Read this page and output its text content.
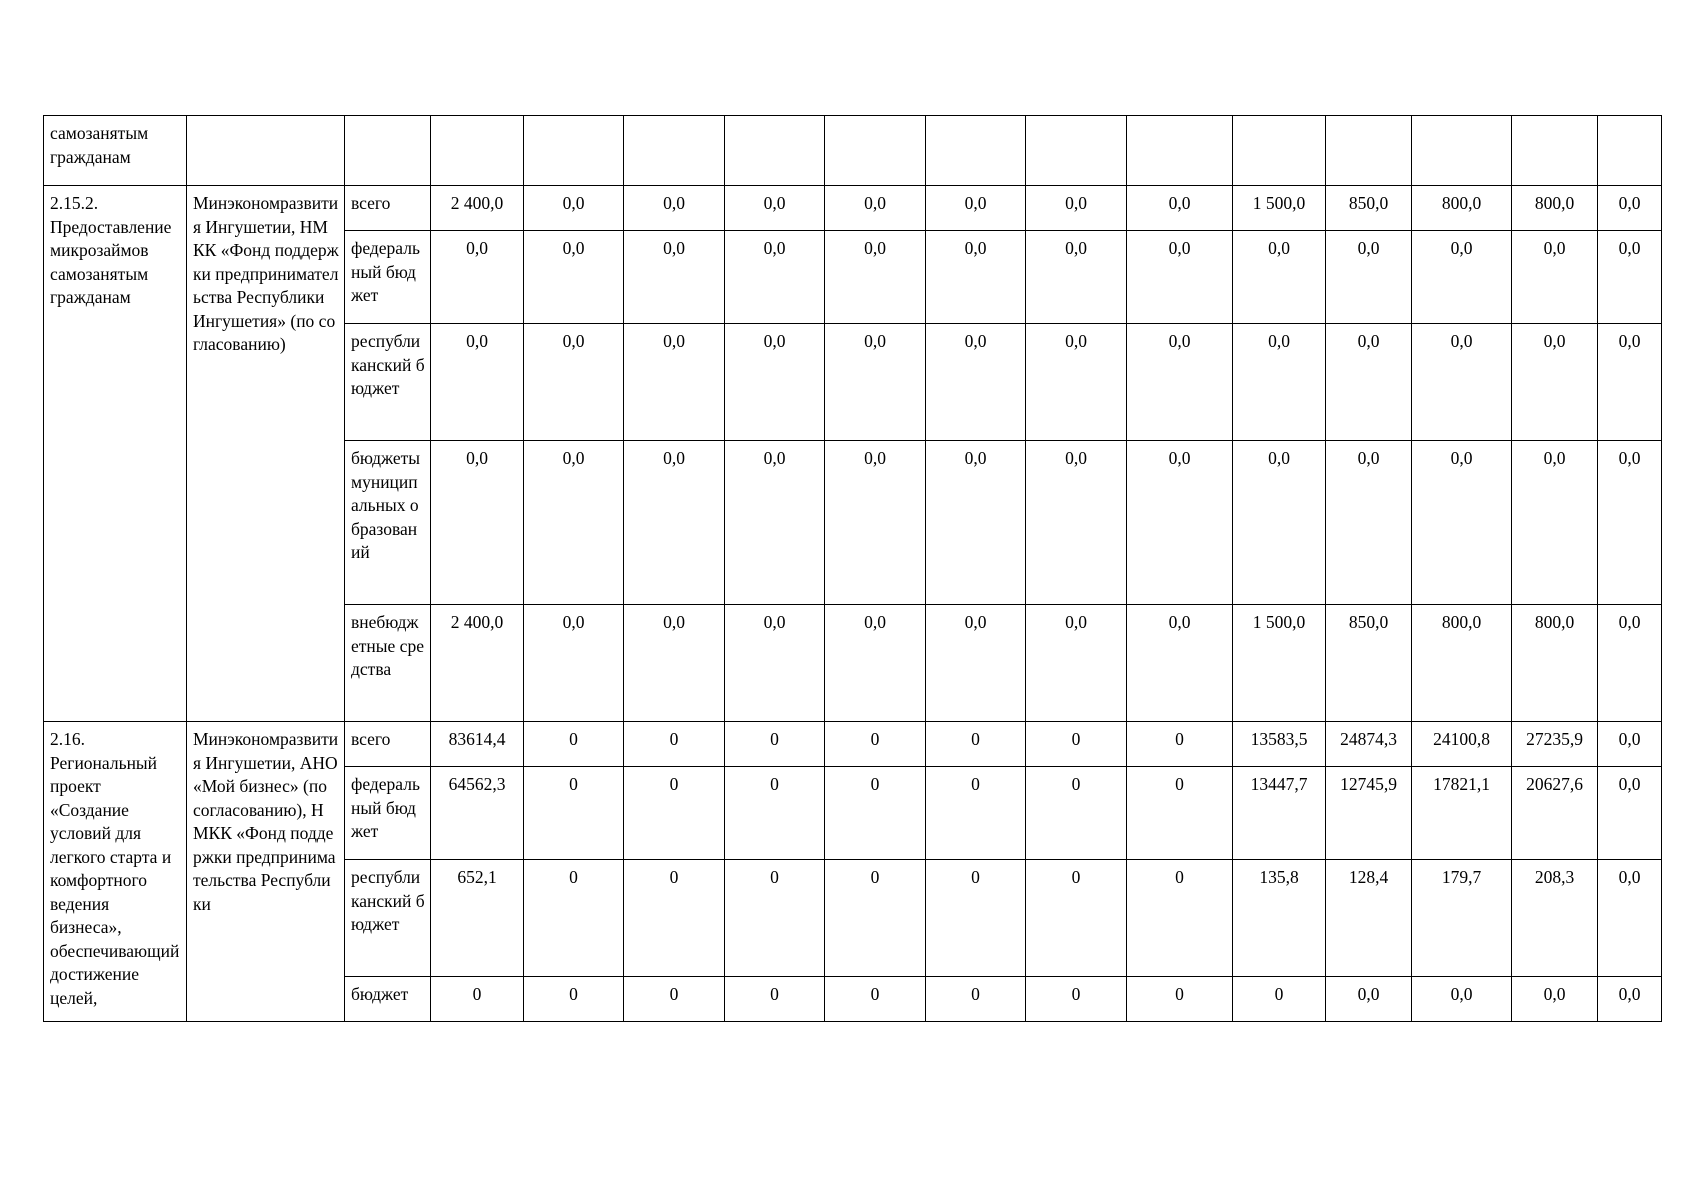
самозанятым гражданам															
2.15.2. Предоставление микрозаймов самозанятым гражданам	Минэкономразвития Ингушетии, НМКК «Фонд поддержки предпринимательства Республики Ингушетия» (по согласованию)	всего	2 400,0	0,0	0,0	0,0	0,0	0,0	0,0	0,0	1 500,0	850,0	800,0	800,0	0,0
		федеральный бюджет	0,0	0,0	0,0	0,0	0,0	0,0	0,0	0,0	0,0	0,0	0,0	0,0	0,0
		республиканский бюджет	0,0	0,0	0,0	0,0	0,0	0,0	0,0	0,0	0,0	0,0	0,0	0,0	0,0
		бюджеты муниципальных образований	0,0	0,0	0,0	0,0	0,0	0,0	0,0	0,0	0,0	0,0	0,0	0,0	0,0
		внебюджетные средства	2 400,0	0,0	0,0	0,0	0,0	0,0	0,0	0,0	1 500,0	850,0	800,0	800,0	0,0
2.16. Региональный проект «Создание условий для легкого старта и комфортного ведения бизнеса», обеспечивающий достижение целей,	Минэкономразвития Ингушетии, АНО «Мой бизнес» (по согласованию), НМКК «Фонд поддержки предпринимательства Республики	всего	83614,4	0	0	0	0	0	0	0	13583,5	24874,3	24100,8	27235,9	0,0
		федеральный бюджет	64562,3	0	0	0	0	0	0	0	13447,7	12745,9	17821,1	20627,6	0,0
		республиканский бюджет	652,1	0	0	0	0	0	0	0	135,8	128,4	179,7	208,3	0,0
		бюджет	0	0	0	0	0	0	0	0	0	0,0	0,0	0,0	0,0
